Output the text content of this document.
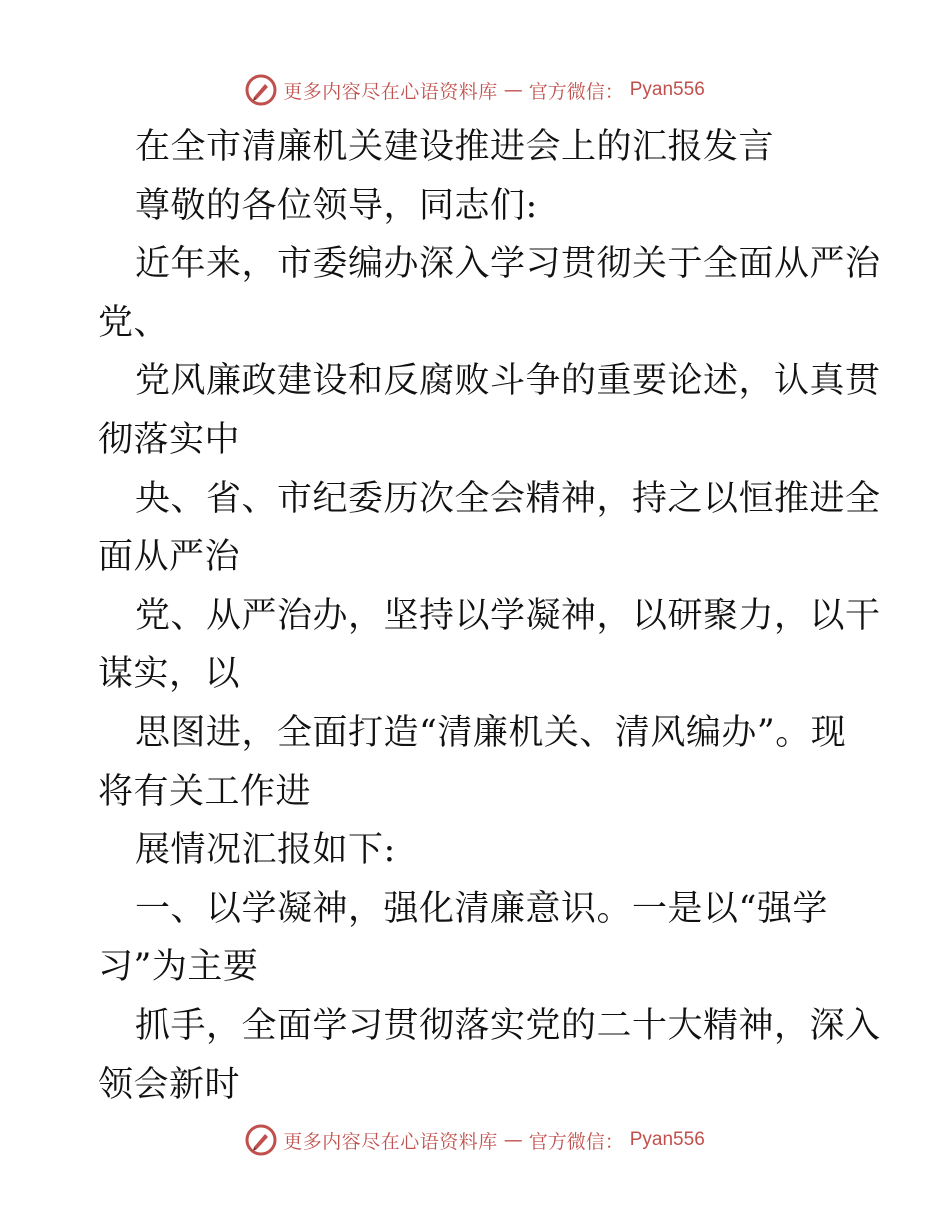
更多内容尽在心语资料库 — 官方微信： Pyan556
在全市清廉机关建设推进会上的汇报发言
尊敬的各位领导，同志们:
近年来，市委编办深入学习贯彻关于全面从严治
党、
党风廉政建设和反腐败斗争的重要论述，认真贯
彻落实中
央、省、市纪委历次全会精神，持之以恒推进全
面从严治
党、从严治办，坚持以学凝神，以研聚力，以干
谋实，以
思图进，全面打造“清廉机关、清风编办”。现
将有关工作进
展情况汇报如下:
一、以学凝神，强化清廉意识。一是以“强学
习”为主要
抓手，全面学习贯彻落实党的二十大精神，深入
领会新时
更多内容尽在心语资料库 — 官方微信： Pyan556
